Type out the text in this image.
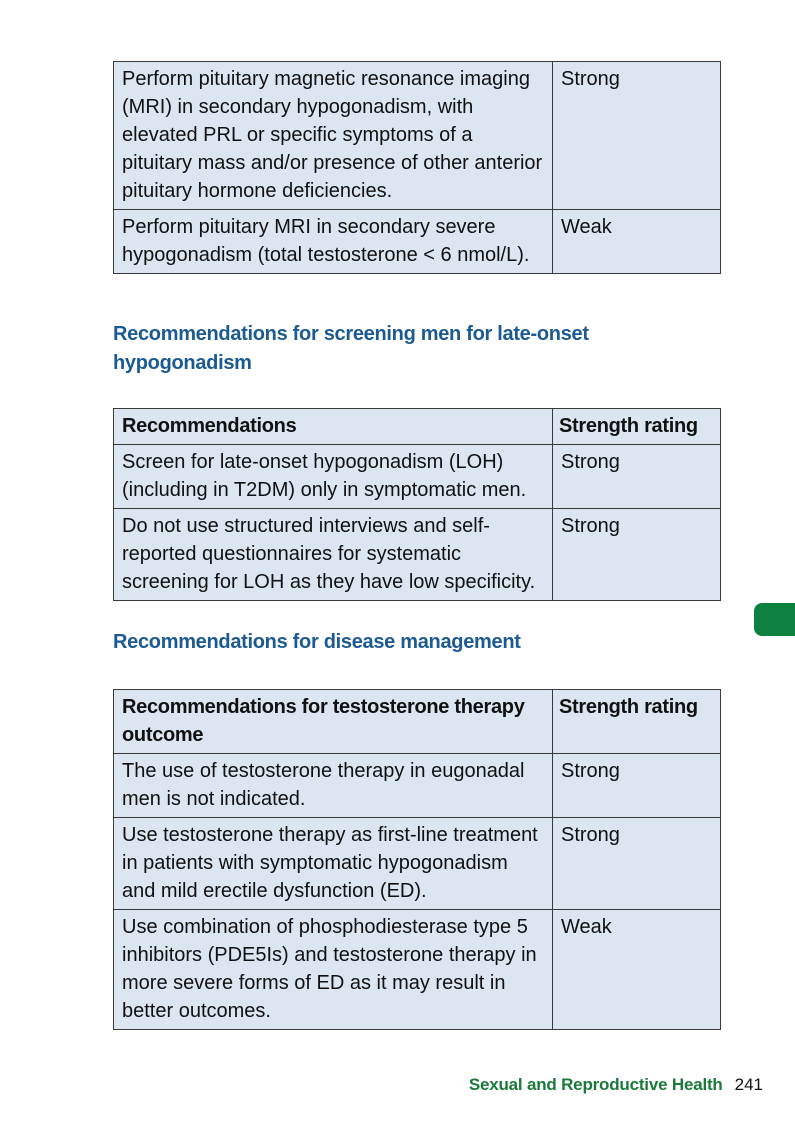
Perform pituitary magnetic resonance imaging (MRI) in secondary hypogonadism, with elevated PRL or specific symptoms of a pituitary mass and/or presence of other anterior pituitary hormone deficiencies.	Strong
Perform pituitary MRI in secondary severe hypogonadism (total testosterone < 6 nmol/L).	Weak
Recommendations for screening men for late-onset hypogonadism
Recommendations	Strength rating
Screen for late-onset hypogonadism (LOH) (including in T2DM) only in symptomatic men.	Strong
Do not use structured interviews and self-reported questionnaires for systematic screening for LOH as they have low specificity.	Strong
Recommendations for disease management
Recommendations for testosterone therapy outcome	Strength rating
The use of testosterone therapy in eugonadal men is not indicated.	Strong
Use testosterone therapy as first-line treatment in patients with symptomatic hypogonadism and mild erectile dysfunction (ED).	Strong
Use combination of phosphodiesterase type 5 inhibitors (PDE5Is) and testosterone therapy in more severe forms of ED as it may result in better outcomes.	Weak
Sexual and Reproductive Health 241
